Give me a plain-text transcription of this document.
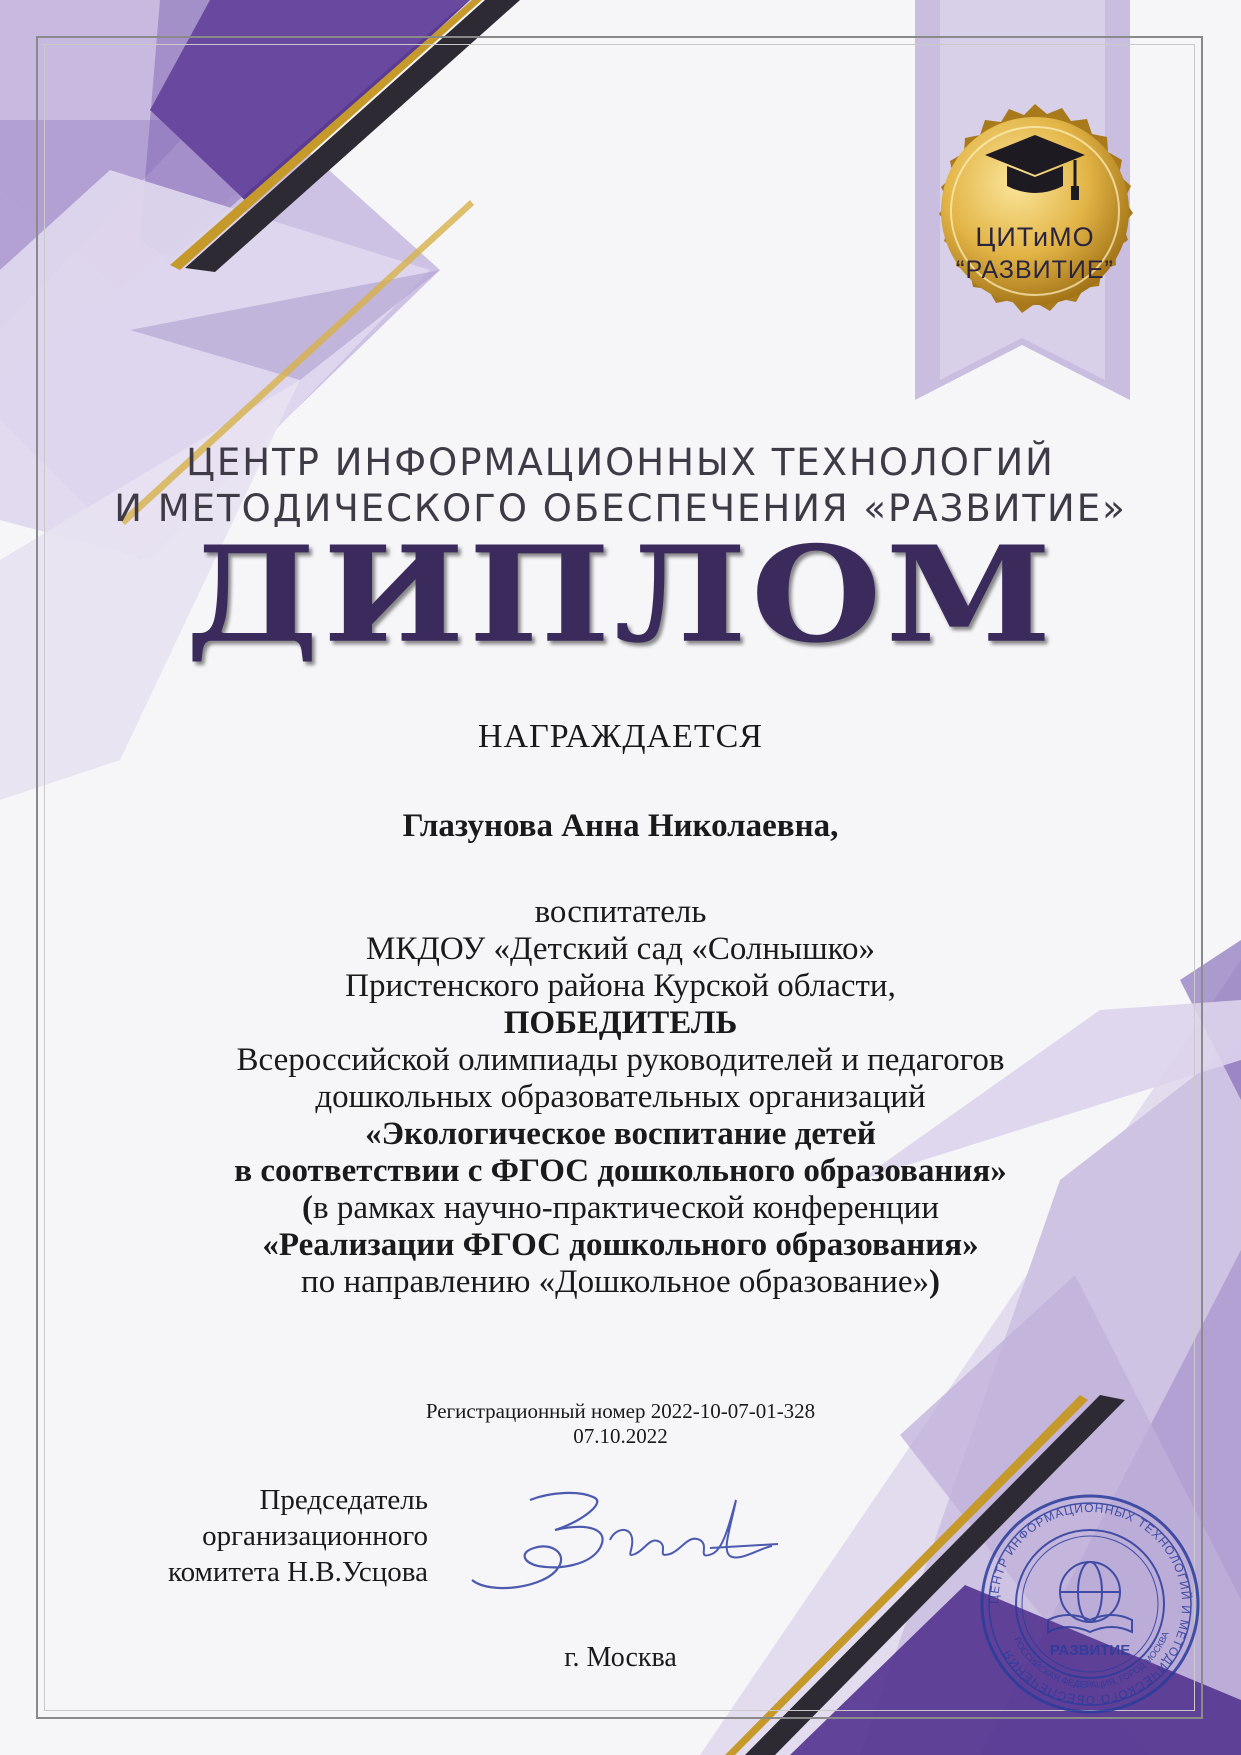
ЦИТиМО
“РАЗВИТИЕ”
ЦЕНТР ИНФОРМАЦИОННЫХ ТЕХНОЛОГИЙ
И МЕТОДИЧЕСКОГО ОБЕСПЕЧЕНИЯ «РАЗВИТИЕ»
ДИПЛОМ
НАГРАЖДАЕТСЯ
Глазунова Анна Николаевна,
воспитатель
МКДОУ «Детский сад «Солнышко»
Пристенского района Курской области,
ПОБЕДИТЕЛЬ
Всероссийской олимпиады руководителей и педагогов
дошкольных образовательных организаций
«Экологическое воспитание детей
в соответствии с ФГОС дошкольного образования»
(в рамках научно-практической конференции
«Реализации ФГОС дошкольного образования»
по направлению «Дошкольное образование»)
Регистрационный номер 2022-10-07-01-328
07.10.2022
Председатель
организационного
комитета Н.В.Усцова
г. Москва
ЦЕНТР ИНФОРМАЦИОННЫХ ТЕХНОЛОГИЙ И МЕТОДИЧЕСКОГО ОБЕСПЕЧЕНИЯ	РАЗВИТИЕ
РОССИЙСКАЯ ФЕДЕРАЦИЯ, ГОРОД МОСКВА
